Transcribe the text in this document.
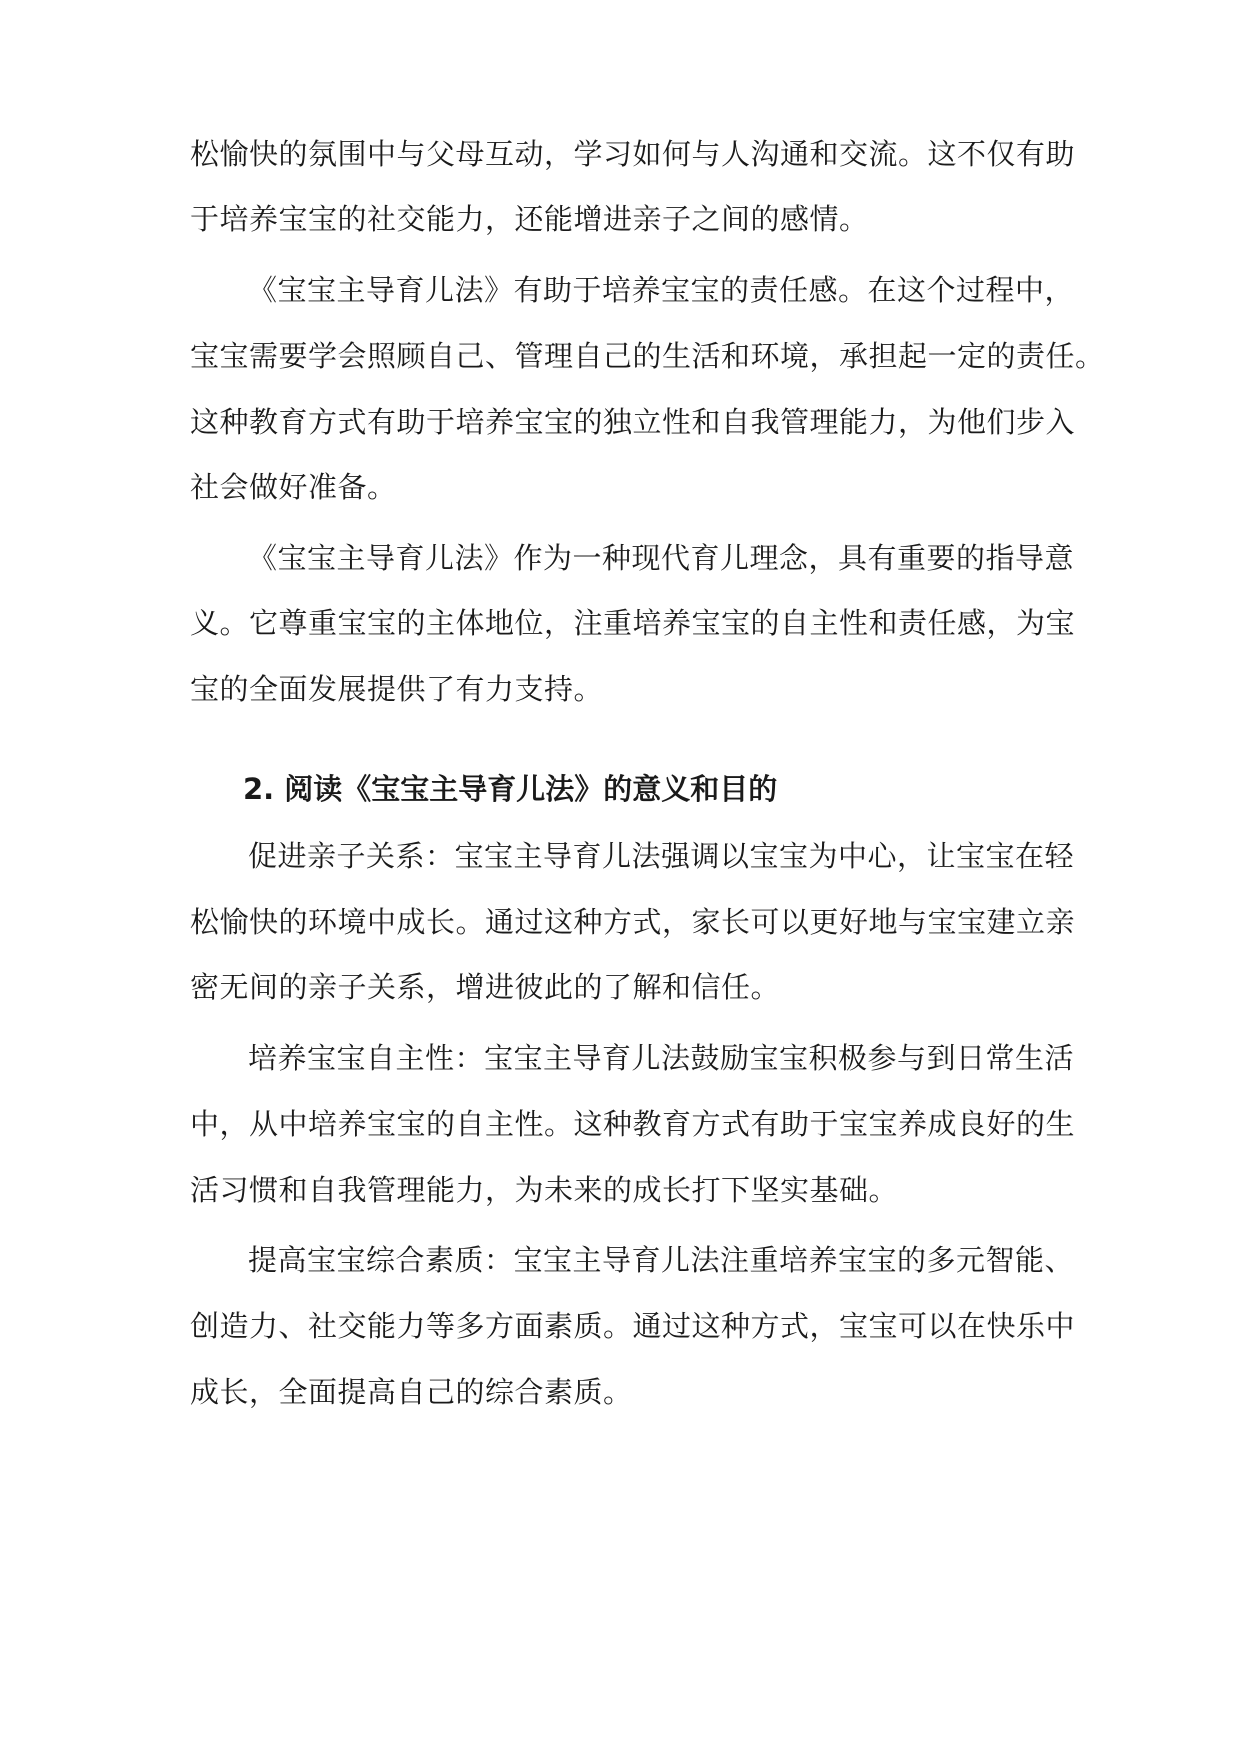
松愉快的氛围中与父母互动，学习如何与人沟通和交流。这不仅有助
于培养宝宝的社交能力，还能增进亲子之间的感情。
《宝宝主导育儿法》有助于培养宝宝的责任感。在这个过程中，
宝宝需要学会照顾自己、管理自己的生活和环境，承担起一定的责任。
这种教育方式有助于培养宝宝的独立性和自我管理能力，为他们步入
社会做好准备。
《宝宝主导育儿法》作为一种现代育儿理念，具有重要的指导意
义。它尊重宝宝的主体地位，注重培养宝宝的自主性和责任感，为宝
宝的全面发展提供了有力支持。
2. 阅读《宝宝主导育儿法》的意义和目的
促进亲子关系：宝宝主导育儿法强调以宝宝为中心，让宝宝在轻
松愉快的环境中成长。通过这种方式，家长可以更好地与宝宝建立亲
密无间的亲子关系，增进彼此的了解和信任。
培养宝宝自主性：宝宝主导育儿法鼓励宝宝积极参与到日常生活
中，从中培养宝宝的自主性。这种教育方式有助于宝宝养成良好的生
活习惯和自我管理能力，为未来的成长打下坚实基础。
提高宝宝综合素质：宝宝主导育儿法注重培养宝宝的多元智能、
创造力、社交能力等多方面素质。通过这种方式，宝宝可以在快乐中
成长，全面提高自己的综合素质。
